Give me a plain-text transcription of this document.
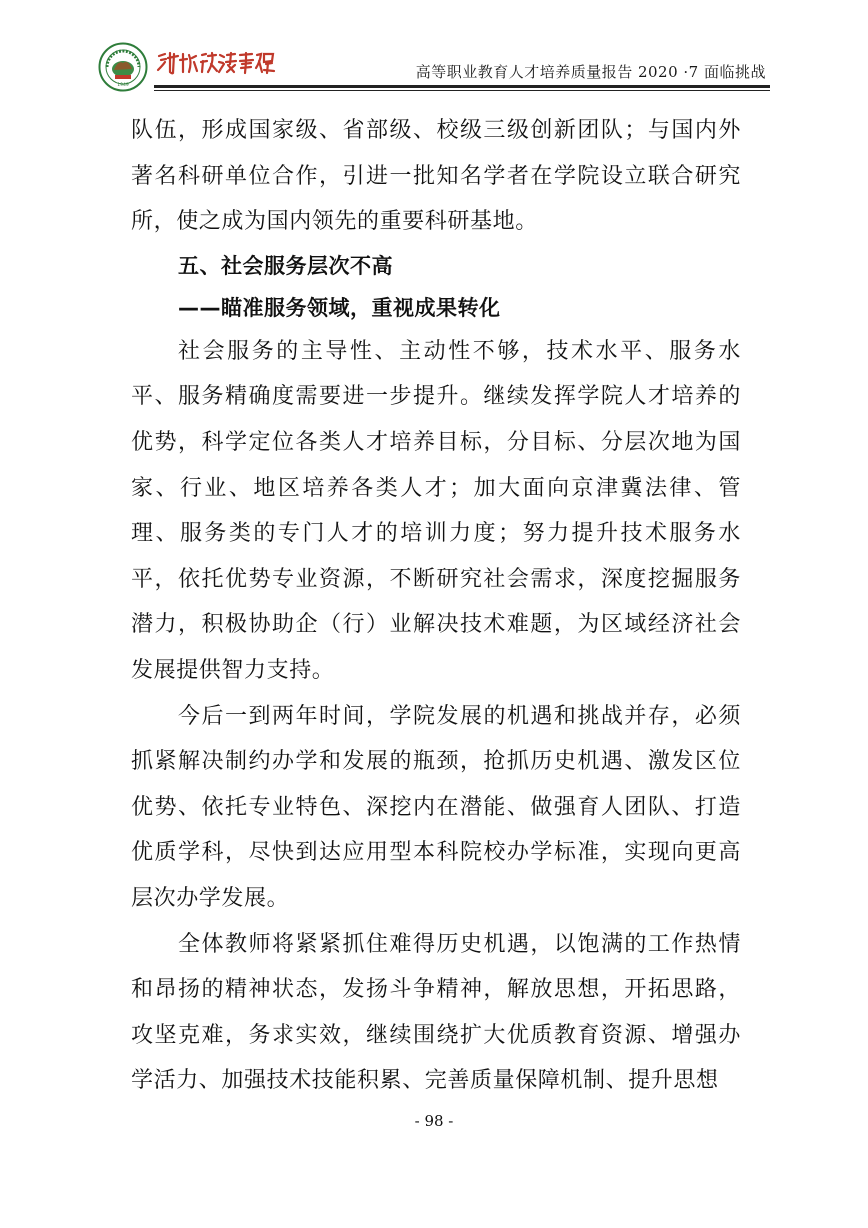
1949
高等职业教育人才培养质量报告 2020 ·7 面临挑战

队伍，形成国家级、省部级、校级三级创新团队；与国内外著名科研单位合作，引进一批知名学者在学院设立联合研究所，使之成为国内领先的重要科研基地。

五、社会服务层次不高
——瞄准服务领域，重视成果转化

社会服务的主导性、主动性不够，技术水平、服务水平、服务精确度需要进一步提升。继续发挥学院人才培养的优势，科学定位各类人才培养目标，分目标、分层次地为国家、行业、地区培养各类人才；加大面向京津冀法律、管理、服务类的专门人才的培训力度；努力提升技术服务水平，依托优势专业资源，不断研究社会需求，深度挖掘服务潜力，积极协助企（行）业解决技术难题，为区域经济社会发展提供智力支持。

今后一到两年时间，学院发展的机遇和挑战并存，必须抓紧解决制约办学和发展的瓶颈，抢抓历史机遇、激发区位优势、依托专业特色、深挖内在潜能、做强育人团队、打造优质学科，尽快到达应用型本科院校办学标准，实现向更高层次办学发展。

全体教师将紧紧抓住难得历史机遇，以饱满的工作热情和昂扬的精神状态，发扬斗争精神，解放思想，开拓思路，攻坚克难，务求实效，继续围绕扩大优质教育资源、增强办学活力、加强技术技能积累、完善质量保障机制、提升思想

- 98 -
